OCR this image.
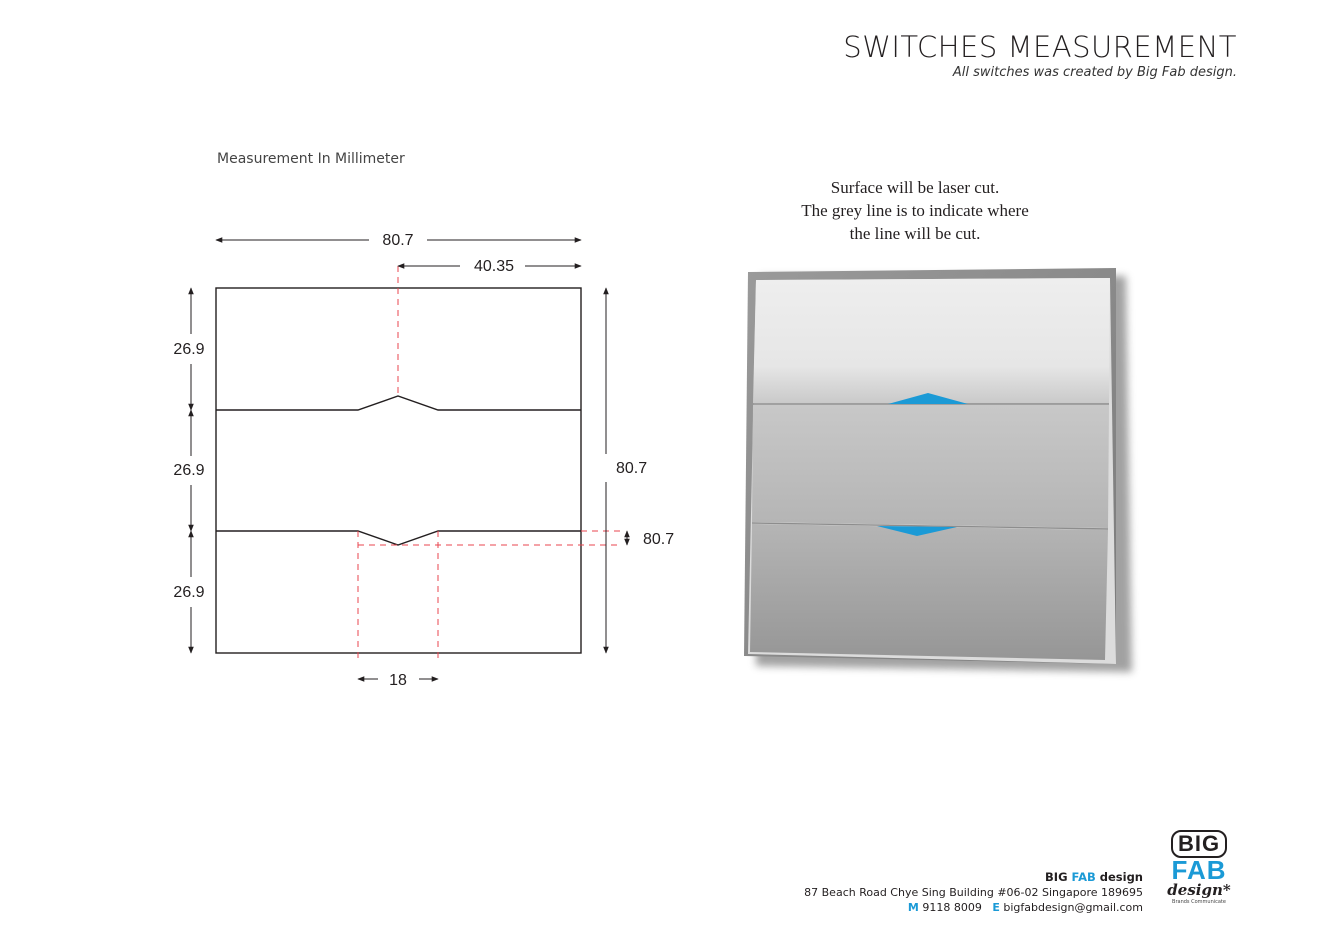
SWITCHES MEASUREMENT
All switches was created by Big Fab design.
Measurement In Millimeter
Surface will be laser cut.
The grey line is to indicate where
the line will be cut.
80.7
40.35
80.7
80.7
26.9
26.9
26.9
18
BIG FAB design
87 Beach Road Chye Sing Building #06-02 Singapore 189695
M 9118 8009 E bigfabdesign@gmail.com
BIG
FAB
design*
Brands Communicate
